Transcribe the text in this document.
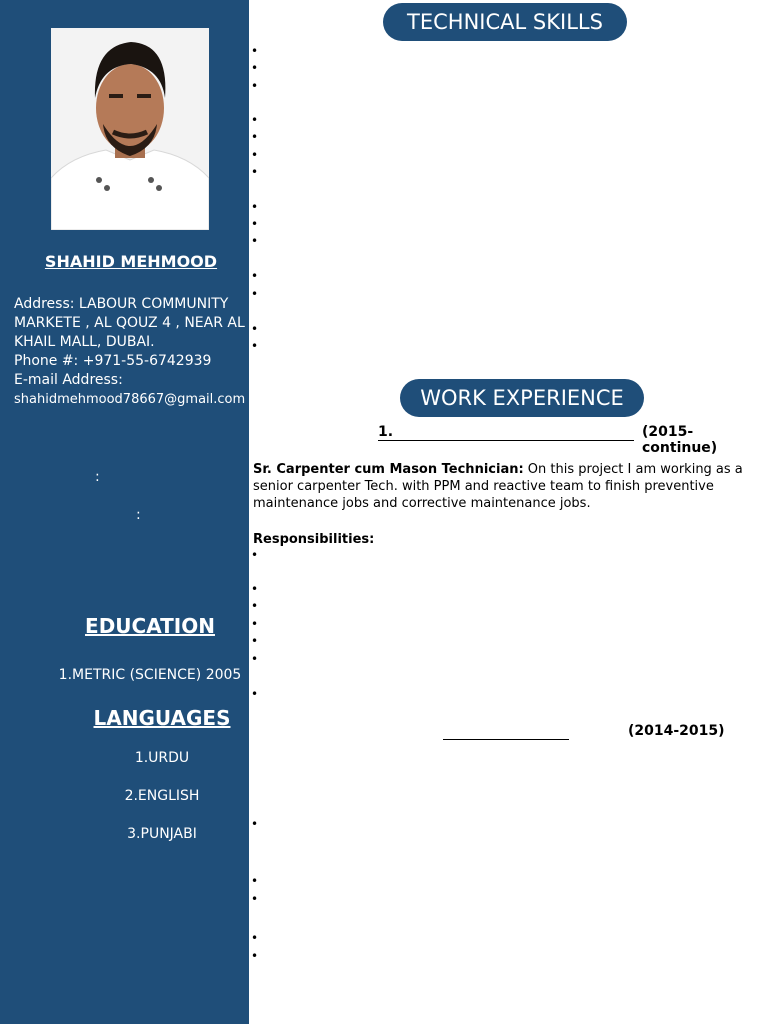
SHAHID MEHMOOD
Address: LABOUR COMMUNITY
MARKETE , AL QOUZ 4 , NEAR AL
KHAIL MALL, DUBAI.
Phone #: +971-55-6742939
E-mail Address:
shahidmehmood78667@gmail.com
:
:
EDUCATION
1.METRIC (SCIENCE) 2005
LANGUAGES
1.URDU
2.ENGLISH
3.PUNJABI
TECHNICAL SKILLS
•
•
•
•
•
•
•
•
•
•
•
•
•
•
WORK EXPERIENCE
1.	(2015-continue)
Sr. Carpenter cum Mason Technician: On this project I am working as a senior carpenter Tech. with PPM and reactive team to finish preventive maintenance jobs and corrective maintenance jobs.
Responsibilities:
•
•
•
•
•
•
•
(2014-2015)
•
•
•
•
•
